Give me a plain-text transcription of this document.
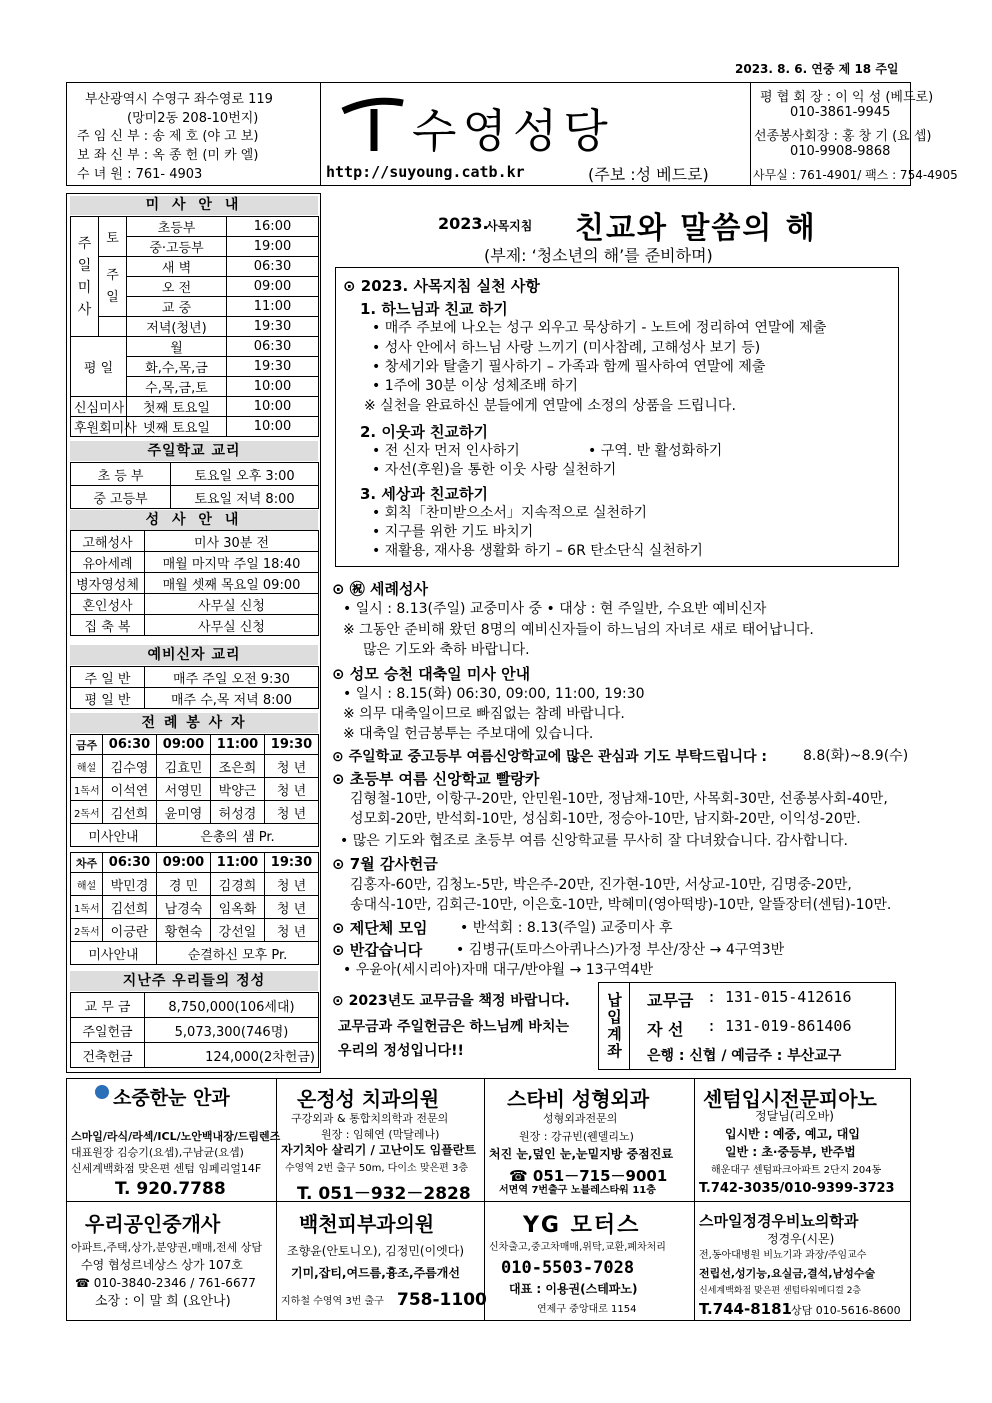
2023. 8. 6. 연중 제 18 주일
부산광역시 수영구 좌수영로 119
(망미2동 208-10번지)
주 임 신 부 : 송 제 호 (야 고 보)
보 좌 신 부 : 옥 종 헌 (미 카 엘)
수 녀 원 : 761- 4903
수영성당
http://suyoung.catb.kr	(주보 :성 베드로)
평 협 회 장 : 이 익 성 (베드로)
010-3861-9945
선종봉사회장 : 홍 창 기 (요 셉)
010-9908-9868
사무실 : 761-4901/ 팩스 : 754-4905
미 사 안 내
주일미사	토	초등부	16:00
		중·고등부	19:00
	주일	새 벽	06:30
		오 전	09:00
		교 중	11:00
		저녁(청년)	19:30
평 일		월	06:30
		화,수,목,금	19:30
		수,목,금,토	10:00
신심미사		첫째 토요일	10:00
후원회미사		넷째 토요일	10:00
주일학교 교리
초 등 부	토요일 오후 3:00
중 고등부	토요일 저녁 8:00
성 사 안 내
고해성사	미사 30분 전
유아세례	매월 마지막 주일 18:40
병자영성체	매월 셋째 목요일 09:00
혼인성사	사무실 신청
집 축 복	사무실 신청
예비신자 교리
주 일 반	매주 주일 오전 9:30
평 일 반	매주 수,목 저녁 8:00
전 례 봉 사 자
금주	06:30	09:00	11:00	19:30
해설	김수영	김효민	조은희	청 년
1독서	이석연	서영민	박양근	청 년
2독서	김선희	윤미영	허성경	청 년
미사안내		은총의 샘 Pr.		
차주	06:30	09:00	11:00	19:30
해설	박민경	경 민	김경희	청 년
1독서	김선희	남경숙	임옥화	청 년
2독서	이긍란	황현숙	강선일	청 년
미사안내		순결하신 모후 Pr.		
지난주 우리들의 정성
교 무 금	8,750,000(106세대)
주일헌금	5,073,300(746명)
건축헌금	124,000(2차헌금)
2023.
사목지침 친교와 말씀의 해
(부제: ‘청소년의 해’를 준비하며)
⊙ 2023. 사목지침 실천 사항
1. 하느님과 친교 하기
• 매주 주보에 나오는 성구 외우고 묵상하기 - 노트에 정리하여 연말에 제출
• 성사 안에서 하느님 사랑 느끼기 (미사참례, 고해성사 보기 등)
• 창세기와 탈출기 필사하기 – 가족과 함께 필사하여 연말에 제출
• 1주에 30분 이상 성체조배 하기
※ 실천을 완료하신 분들에게 연말에 소정의 상품을 드립니다.
2. 이웃과 친교하기
• 전 신자 먼저 인사하기	• 구역. 반 활성화하기
• 자선(후원)을 통한 이웃 사랑 실천하기
3. 세상과 친교하기
• 회칙「찬미받으소서」지속적으로 실천하기
• 지구를 위한 기도 바치기
• 재활용, 재사용 생활화 하기 – 6R 탄소단식 실천하기
⊙ ㊗ 세례성사
• 일시 : 8.13(주일) 교중미사 중 • 대상 : 현 주일반, 수요반 예비신자
※ 그동안 준비해 왔던 8명의 예비신자들이 하느님의 자녀로 새로 태어납니다.
많은 기도와 축하 바랍니다.
⊙ 성모 승천 대축일 미사 안내
• 일시 : 8.15(화) 06:30, 09:00, 11:00, 19:30
※ 의무 대축일이므로 빠짐없는 참례 바랍니다.
※ 대축일 헌금봉투는 주보대에 있습니다.
⊙ 주일학교 중고등부 여름신앙학교에 많은 관심과 기도 부탁드립니다 :	8.8(화)~8.9(수)
⊙ 초등부 여름 신앙학교 빨랑카
김형철-10만, 이항구-20만, 안민원-10만, 정남채-10만, 사목회-30만, 선종봉사회-40만,
성모회-20만, 반석회-10만, 성심회-10만, 정승아-10만, 남지화-20만, 이익성-20만.
• 많은 기도와 협조로 초등부 여름 신앙학교를 무사히 잘 다녀왔습니다. 감사합니다.
⊙ 7월 감사헌금
김홍자-60만, 김청노-5만, 박은주-20만, 진가현-10만, 서상교-10만, 김명중-20만,
송대식-10만, 김회근-10만, 이은호-10만, 박혜미(영아떡방)-10만, 알뜰장터(센텀)-10만.
⊙ 제단체 모임 • 반석회 : 8.13(주일) 교중미사 후
⊙ 반갑습니다 • 김병규(토마스아퀴나스)가정 부산/장산 → 4구역3반
• 우윤아(세시리아)자매 대구/반야월 → 13구역4반
⊙ 2023년도 교무금을 책정 바랍니다.
교무금과 주일헌금은 하느님께 바치는
우리의 정성입니다!!	납입계좌	교무금 : 131-015-412616
자 선 : 131-019-861406
은행 : 신협 / 예금주 : 부산교구
소중한눈 안과
스마일/라식/라섹/ICL/노안백내장/드림렌즈
대표원장 김승기(요셉),구남균(요셉)
신세계백화점 맞은편 센텀 임페리얼14F
T. 920.7788
온정성 치과의원
구강외과 & 통합치의학과 전문의
원장 : 임혜연 (막달레나)
자기치아 살리기 / 고난이도 임플란트
수영역 2번 출구 50m, 다이소 맞은편 3층
T. 051－932－2828
스타비 성형외과
성형외과전문의
원장 : 강규빈(웬델리노)
처진 눈,덮인 눈,눈밑지방 중점진료
☎ 051－715－9001
서면역 7번출구 노블레스타워 11층
센텀입시전문피아노
정달님(리오바)
입시반 : 예중, 예고, 대입
일반 : 초·중등부, 반주법
해운대구 센텀파크아파트 2단지 204동
T.742-3035/010-9399-3723
우리공인중개사
아파트,주택,상가,분양권,매매,전세 상담
수영 협성르네상스 상가 107호
☎ 010-3840-2346 / 761-6677
소장 : 이 말 희 (요안나)
백천피부과의원
조향윤(안토니오), 김정민(이엣다)
기미,잡티,여드름,흉조,주름개선
지하철 수영역 3번 출구 758-1100
YG 모터스
신차출고,중고차매매,위탁,교환,폐차처리
010-5503-7028
대표 : 이용권(스테파노)
연제구 중앙대로 1154
스마일정경우비뇨의학과
정경우(시몬)
전,동아대병원 비뇨기과 과장/주임교수
전립선,성기능,요실금,결석,남성수술
신세계백화점 맞은편 센텀타워메디컬 2층
T.744-8181 상담 010-5616-8600
